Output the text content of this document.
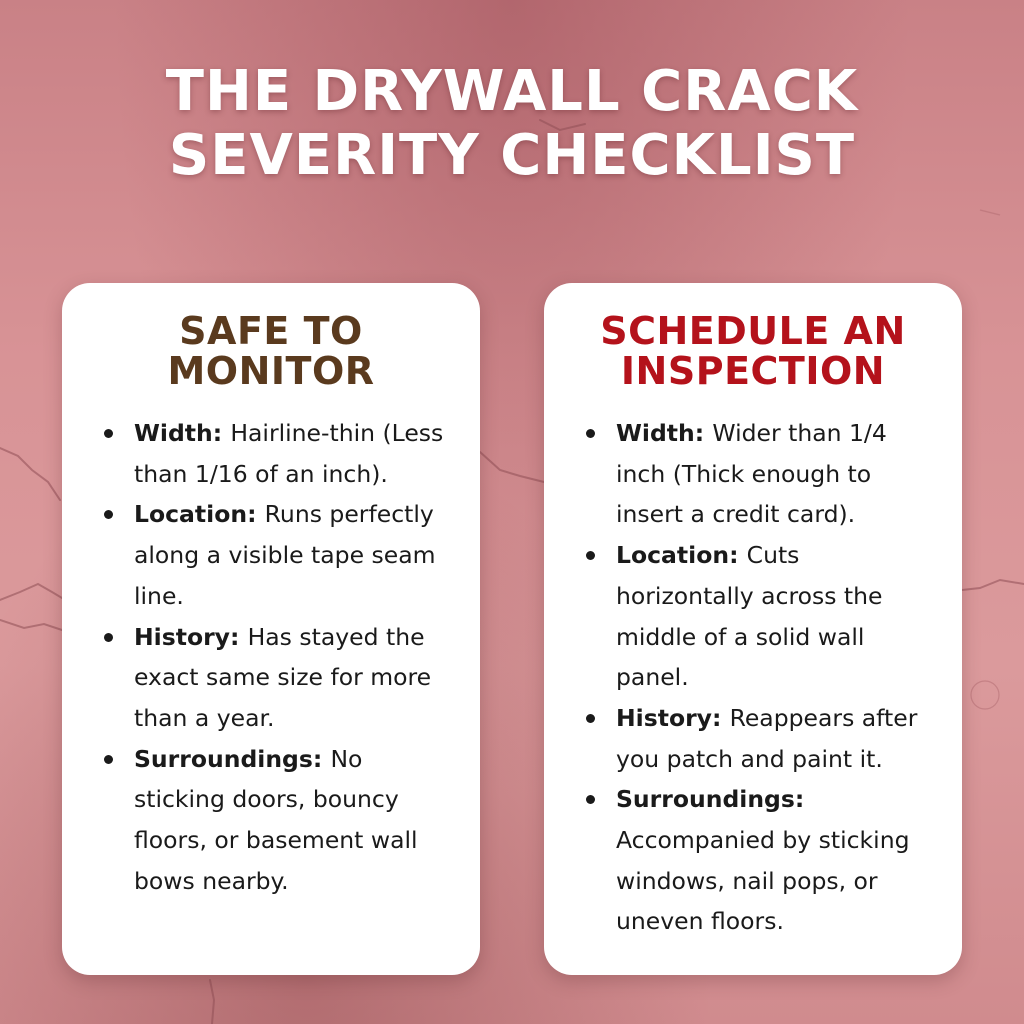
THE DRYWALL CRACK
SEVERITY CHECKLIST
SAFE TO
MONITOR
Width: Hairline-thin (Less than 1/16 of an inch).
Location: Runs perfectly along a visible tape seam line.
History: Has stayed the exact same size for more than a year.
Surroundings: No sticking doors, bouncy floors, or basement wall bows nearby.
SCHEDULE AN
INSPECTION
Width: Wider than 1/4 inch (Thick enough to insert a credit card).
Location: Cuts horizontally across the middle of a solid wall panel.
History: Reappears after you patch and paint it.
Surroundings: Accompanied by sticking windows, nail pops, or uneven floors.
